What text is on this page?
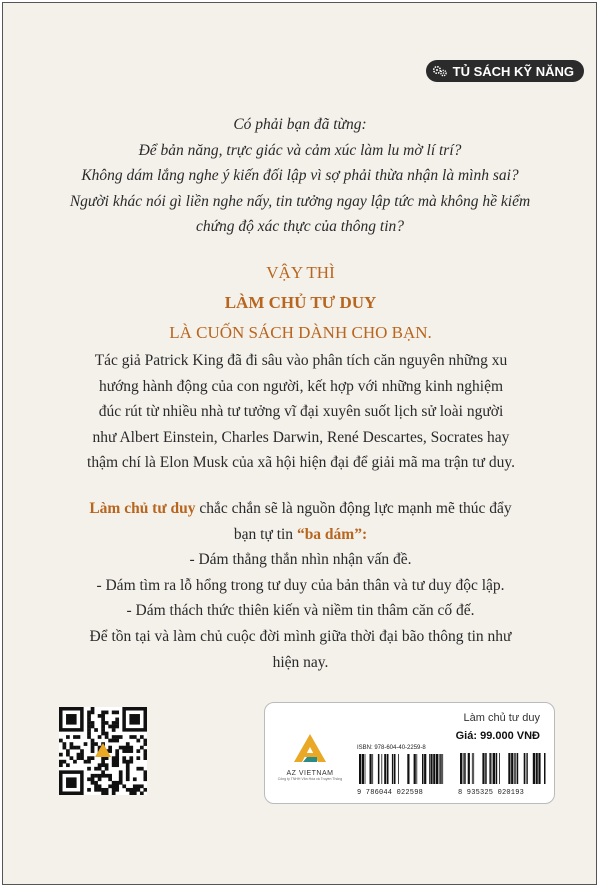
TỦ SÁCH KỸ NĂNG

Có phải bạn đã từng:

Để bản năng, trực giác và cảm xúc làm lu mờ lí trí?

Không dám lắng nghe ý kiến đối lập vì sợ phải thừa nhận là mình sai?

Người khác nói gì liền nghe nấy, tin tưởng ngay lập tức mà không hề kiểm

chứng độ xác thực của thông tin?

VẬY THÌ

LÀM CHỦ TƯ DUY

LÀ CUỐN SÁCH DÀNH CHO BẠN.

Tác giả Patrick King đã đi sâu vào phân tích căn nguyên những xu

hướng hành động của con người, kết hợp với những kinh nghiệm

đúc rút từ nhiều nhà tư tưởng vĩ đại xuyên suốt lịch sử loài người

như Albert Einstein, Charles Darwin, René Descartes, Socrates hay

thậm chí là Elon Musk của xã hội hiện đại để giải mã ma trận tư duy.

Làm chủ tư duy chắc chắn sẽ là nguồn động lực mạnh mẽ thúc đẩy

bạn tự tin “ba dám”:

- Dám thẳng thắn nhìn nhận vấn đề.

- Dám tìm ra lỗ hổng trong tư duy của bản thân và tư duy độc lập.

- Dám thách thức thiên kiến và niềm tin thâm căn cố đế.

Để tồn tại và làm chủ cuộc đời mình giữa thời đại bão thông tin như

hiện nay.

Làm chủ tư duy
Giá: 99.000 VNĐ
AZ VIETNAM
Công ty TNHH Văn Hóa và Truyền Thông
ISBN: 978-604-40-2259-8
9 786044 022598	8 935325 020193
